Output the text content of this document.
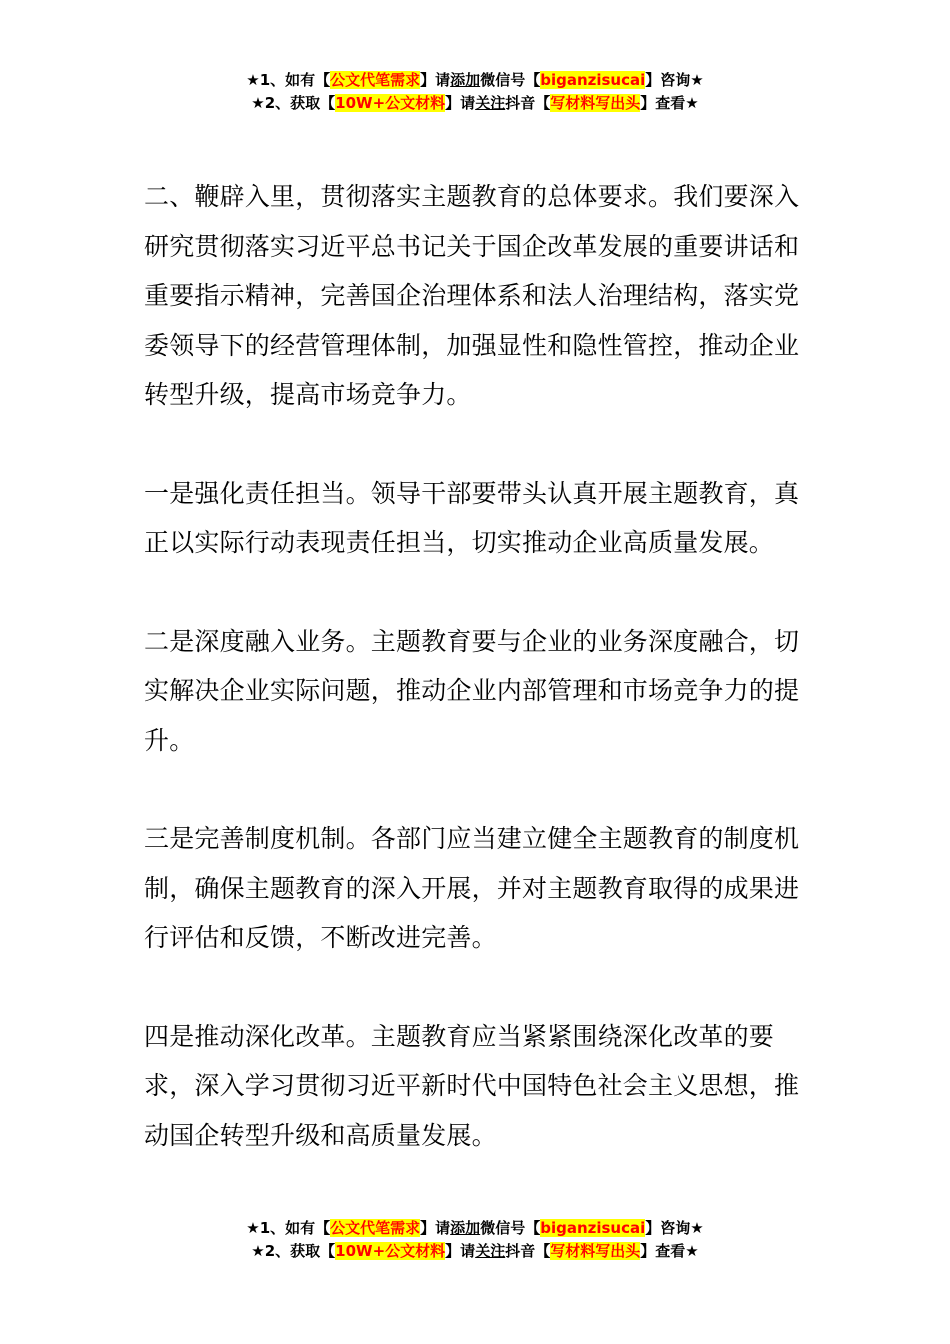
★1、如有【公文代笔需求】请添加微信号【biganzisucai】咨询★
★2、获取【10W+公文材料】请关注抖音【写材料写出头】查看★

二、鞭辟入里，贯彻落实主题教育的总体要求。我们要深入研究贯彻落实习近平总书记关于国企改革发展的重要讲话和重要指示精神，完善国企治理体系和法人治理结构，落实党委领导下的经营管理体制，加强显性和隐性管控，推动企业转型升级，提高市场竞争力。

一是强化责任担当。领导干部要带头认真开展主题教育，真正以实际行动表现责任担当，切实推动企业高质量发展。

二是深度融入业务。主题教育要与企业的业务深度融合，切实解决企业实际问题，推动企业内部管理和市场竞争力的提升。

三是完善制度机制。各部门应当建立健全主题教育的制度机制，确保主题教育的深入开展，并对主题教育取得的成果进行评估和反馈，不断改进完善。

四是推动深化改革。主题教育应当紧紧围绕深化改革的要求，深入学习贯彻习近平新时代中国特色社会主义思想，推动国企转型升级和高质量发展。

★1、如有【公文代笔需求】请添加微信号【biganzisucai】咨询★
★2、获取【10W+公文材料】请关注抖音【写材料写出头】查看★
